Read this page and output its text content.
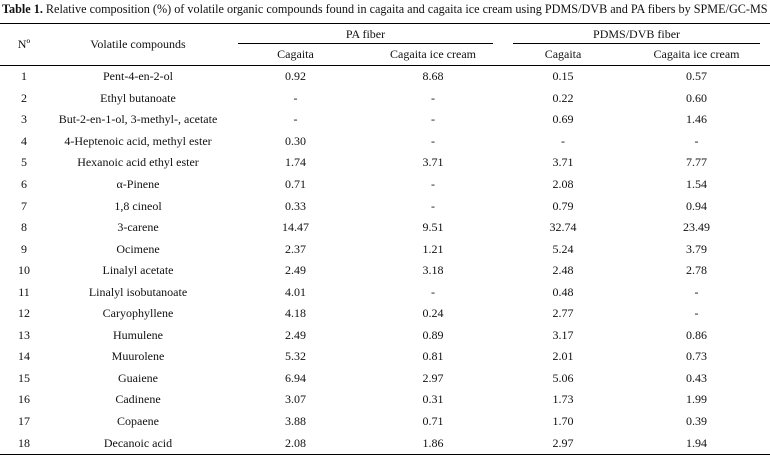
Table 1. Relative composition (%) of volatile organic compounds found in cagaita and cagaita ice cream using PDMS/DVB and PA fibers by SPME/GC-MS
Nº	Volatile compounds	PA fiber		PDMS/DVB fiber	

		Cagaita	Cagaita ice cream	Cagaita	Cagaita ice cream
1	Pent-4-en-2-ol	0.92	8.68	0.15	0.57
2	Ethyl butanoate	-	-	0.22	0.60
3	But-2-en-1-ol, 3-methyl-, acetate	-	-	0.69	1.46
4	4-Heptenoic acid, methyl ester	0.30	-	-	-
5	Hexanoic acid ethyl ester	1.74	3.71	3.71	7.77
6	α-Pinene	0.71	-	2.08	1.54
7	1,8 cineol	0.33	-	0.79	0.94
8	3-carene	14.47	9.51	32.74	23.49
9	Ocimene	2.37	1.21	5.24	3.79
10	Linalyl acetate	2.49	3.18	2.48	2.78
11	Linalyl isobutanoate	4.01	-	0.48	-
12	Caryophyllene	4.18	0.24	2.77	-
13	Humulene	2.49	0.89	3.17	0.86
14	Muurolene	5.32	0.81	2.01	0.73
15	Guaiene	6.94	2.97	5.06	0.43
16	Cadinene	3.07	0.31	1.73	1.99
17	Copaene	3.88	0.71	1.70	0.39
18	Decanoic acid	2.08	1.86	2.97	1.94
